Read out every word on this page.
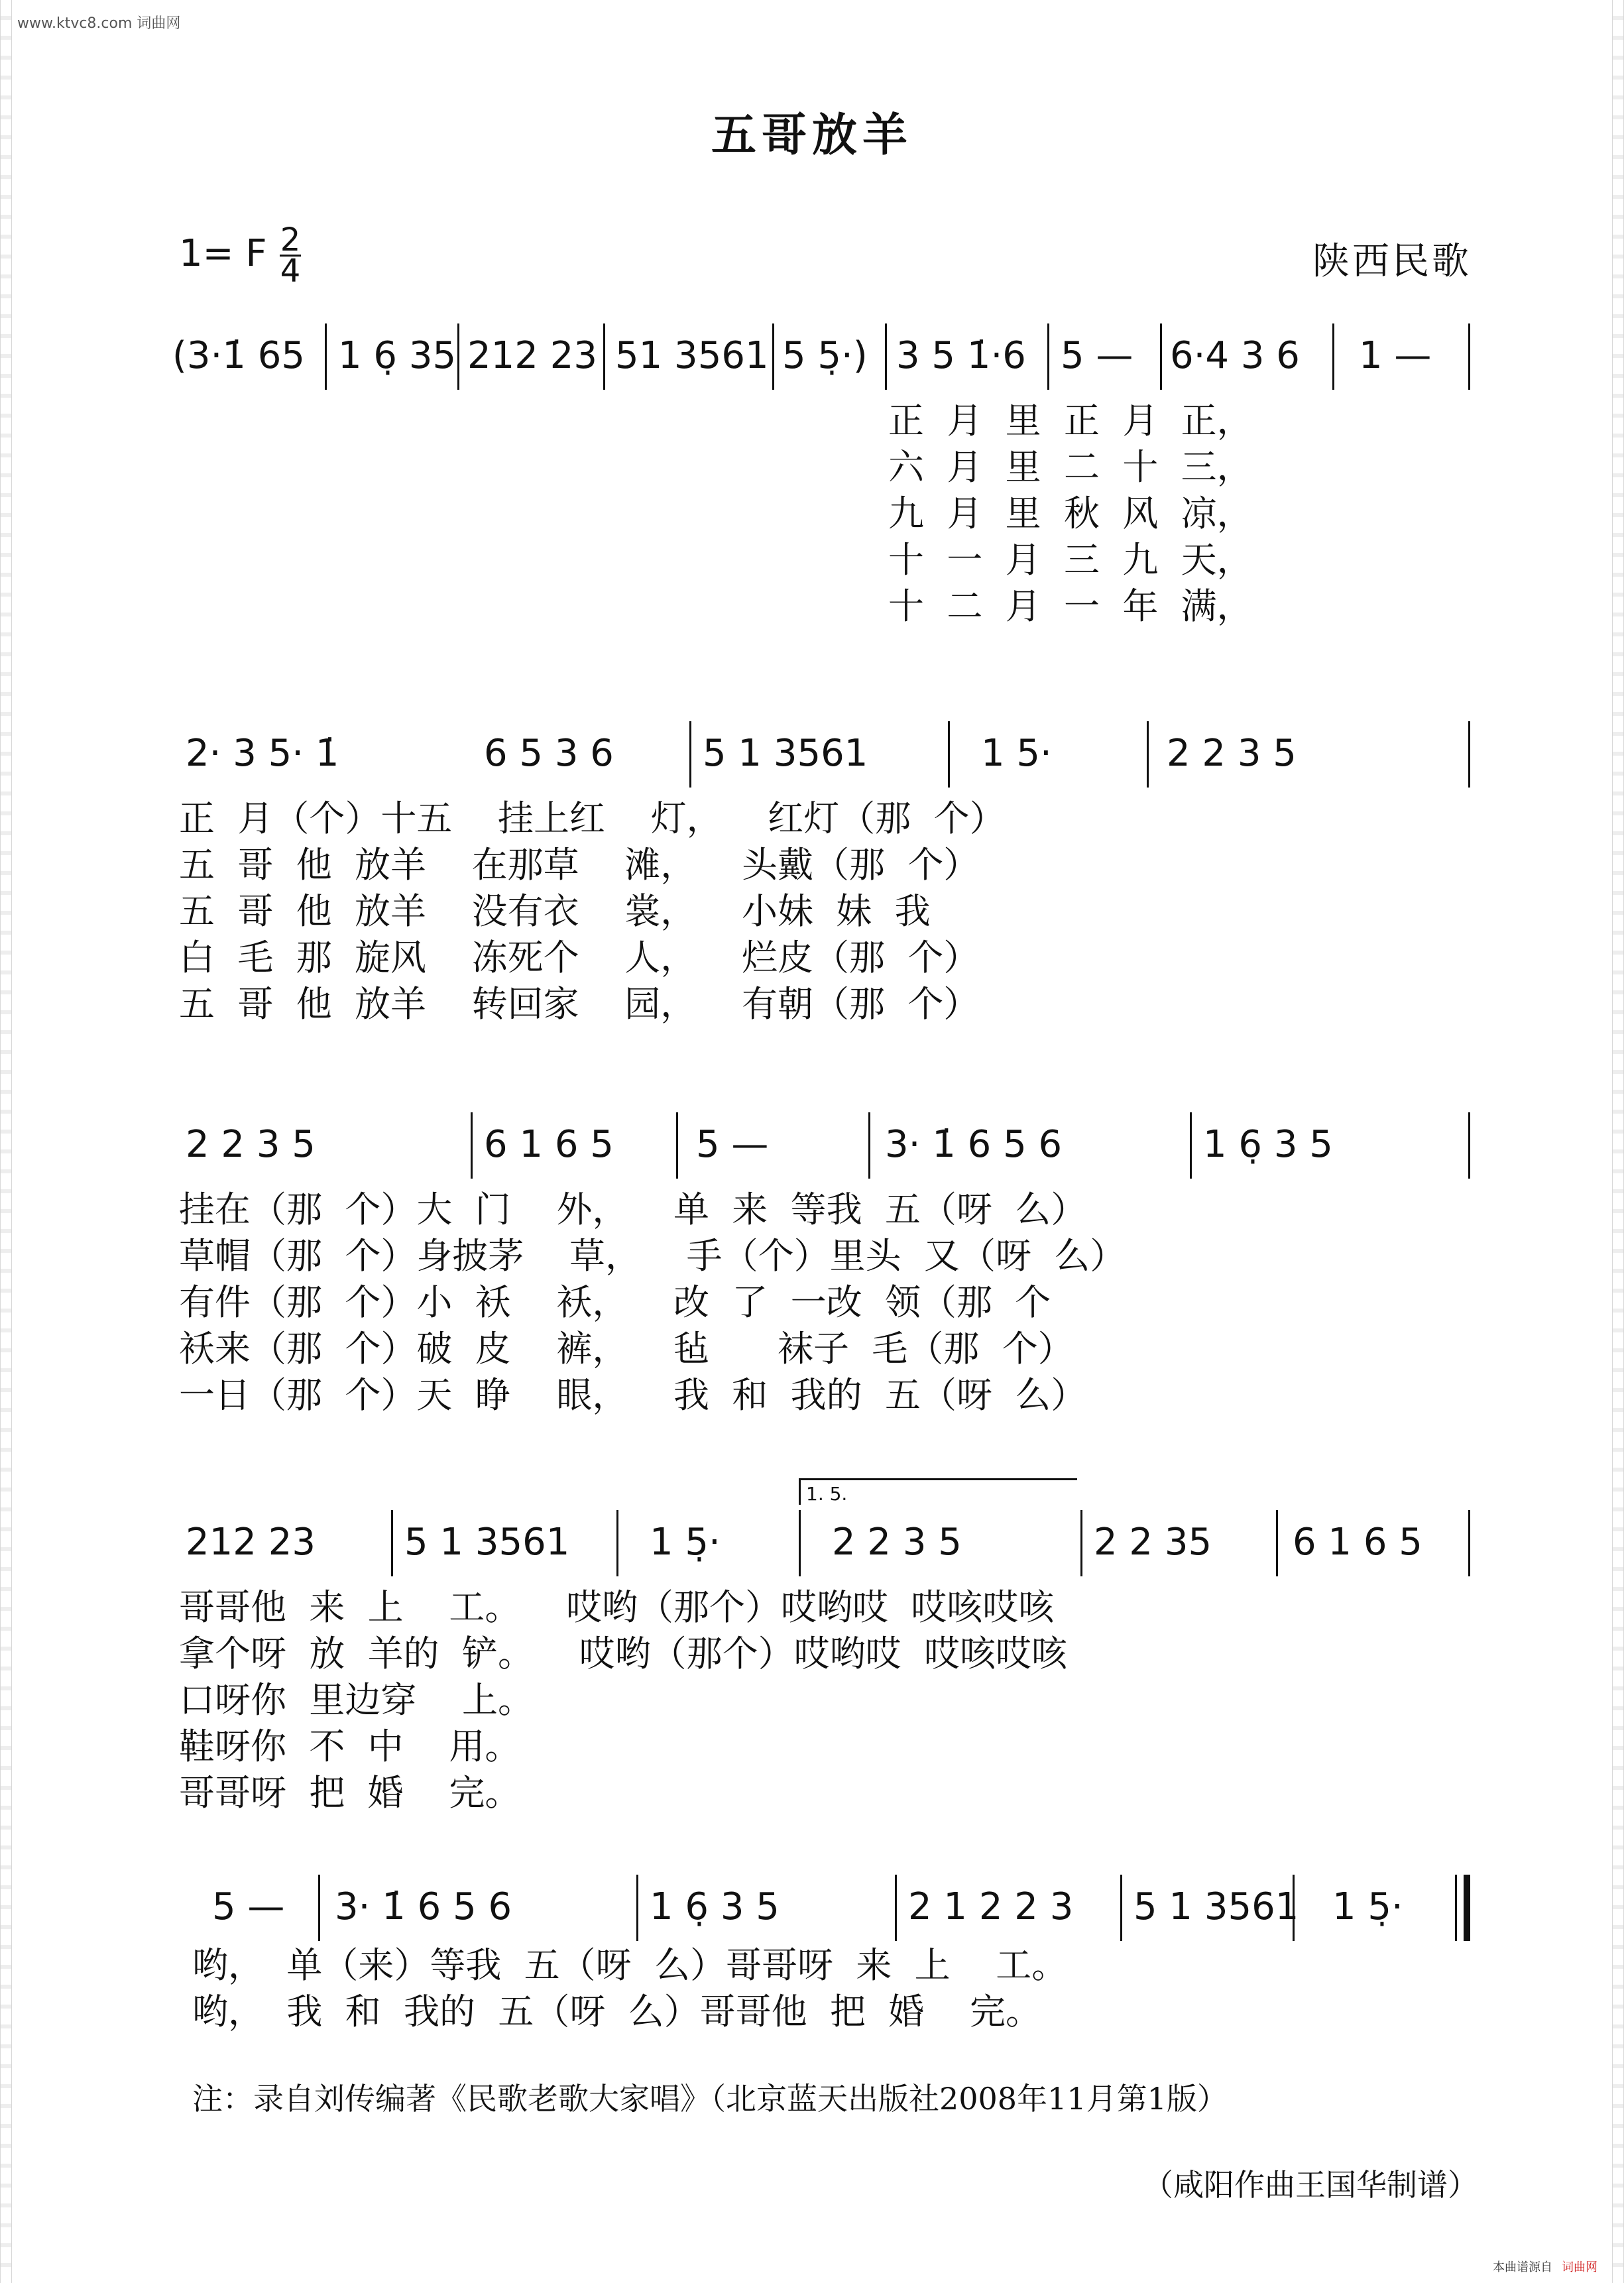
www.ktvc8.com 词曲网
五哥放羊
1= F 2
4	陕西民歌
(3·1̇ 65 1 6̣ 35 212 23 51 3561 5 5̣·) 3 5 1̇·6 5 — 6·4 3 6 1 —
正  月  里  正  月  正，
六  月  里  二  十  三，
九  月  里  秋  风  凉，
十  一  月  三  九  天，
十  二  月  一  年  满，
2· 3 5· 1̇	6 5 3 6 5 1 3561	1 5·	2 2 3 5
正  月（个）十五    挂上红    灯，    红灯（那  个）
五  哥  他  放羊    在那草    滩，    头戴（那  个）
五  哥  他  放羊    没有衣    裳，    小妹  妹  我
白  毛  那  旋风    冻死个    人，    烂皮（那  个）
五  哥  他  放羊    转回家    园，    有朝（那  个）
2 2 3 5	6 1 6 5 5 —	3· 1̇ 6 5 6	1 6̣ 3 5
挂在（那  个）大  门    外，    单  来  等我  五（呀  么）
草帽（那  个）身披茅    草，    手（个）里头  又（呀  么）
有件（那  个）小  袄    袄，    改  了  一改  领（那  个
袄来（那  个）破  皮    裤，    毡      袜子  毛（那  个）
一日（那  个）天  睁    眼，    我  和  我的  五（呀  么）
1. 5.
212 23 5 1 3561 1 5̣·	2 2 3 5	2 2 35 6 1 6 5
哥哥他  来  上    工。    哎哟（那个）哎哟哎  哎咳哎咳
拿个呀  放  羊的  铲。    哎哟（那个）哎哟哎  哎咳哎咳
口呀你  里边穿    上。
鞋呀你  不  中    用。
哥哥呀  把  婚    完。
5 — 3· 1̇ 6 5 6	1 6̣ 3 5	2 1 2 2 3 5 1 3561 1 5̣·
哟，  单（来）等我  五（呀  么）哥哥呀  来  上    工。
哟，  我  和  我的  五（呀  么）哥哥他  把  婚    完。
注：录自刘传编著《民歌老歌大家唱》（北京蓝天出版社2008年11月第1版）
（咸阳作曲王国华制谱）
本曲谱源自 词曲网
